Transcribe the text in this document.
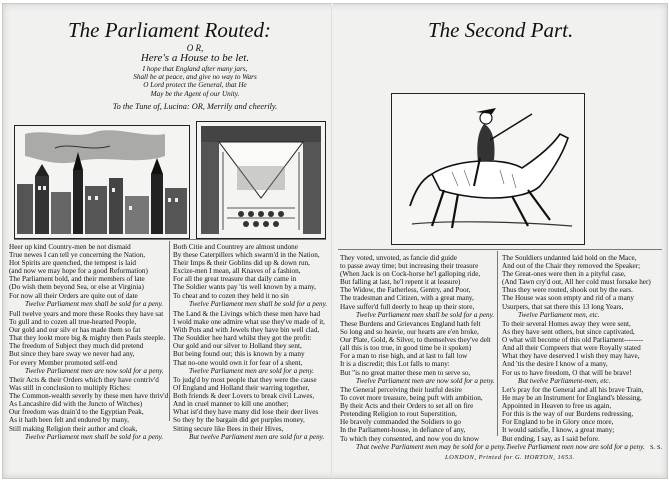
The Parliament Routed:
O R,
Here's a House to be let.
I hope that England after many jars,
Shall be at peace, and give no way to Wars
O Lord protect the General, that He
May be the Agent of our Unity.
To the Tune of, Lucina: OR, Merrily and cheerily.
Heer up kind Country-men be not dismaid
True newes I can tell ye concerning the Nation,
Hot Spirits are quenched, the tempest is laid
(and now we may hope for a good Reformation)
The Parliament bold, and their members of late
(Do wish them beyond Sea, or else at Virginia)
For now all their Orders are quite out of date
Twelve Parliament men shall be sold for a peny.
Full twelve years and more these Rooks they have sat
To gull and to cozen all true-hearted People,
Our gold and our silv er has made them so fat
That they lookt more big & mighty then Pauls steeple.
The freedom of Subject they much did pretend
But since they bare sway we never had any,
For every Member promoted self-end
Twelve Parliament men are now sold for a peny.
Their Acts & their Orders which they have contriv'd
Was still in conclusion to multiply Riches:
The Common-wealth severly by these men have thriv'd
As Lancashire did with the Juncto of Witches)
Our freedom was drain'd to the Egyptian Peak,
As it hath been felt and endured by many,
Still making Religion their author and cloak,
Twelve Parliament men shall be sold for a peny.
Both Citie and Countrey are almost undone
By these Caterpillers which swarm'd in the Nation,
Their Imps & their Goblins did up & down run,
Excize-men I mean, all Knaves of a fashion,
For all the great treasure that daily came in
The Soldier wants pay 'tis well known by a many,
To cheat and to cozen they held it no sin
Twelve Parliament men shall be sold for a peny.
The Land & the Livings which these men have had
I wold make one admire what use they've made of it,
With Pots and with Jewels they have bin well clad,
The Souldier hee hard whilst they got the profit:
Our gold and our silver to Holland they sent,
But being found out; this is known by a many
That no-one would own it for fear of a shent,
Twelve Parliament men are sold for a peny.
To judg'd by most people that they were the cause
Of England and Holland their warring together,
Both friends & deer Lovers to break civil Lawes,
And in cruel manner to kill one another;
What ist'd they have many did lose their deer lives
So they by the bargain did get purples money,
Sitting secure like Bees in their Hives,
But twelve Parliament men are sold for a peny.
The Second Part.
They voted, unvoted, as fancie did guide
to passe away time; but increasing their treasure
(When Jack is on Cock-horse he'l galloping ride,
But falling at last, he'l repent it at leasure)
The Widow, the Fatherless, Gentry, and Poor,
The tradesman and Citizen, with a great many,
Have suffer'd full deerly to heap up their store,
Twelve Parliament men shall be sold for a peny.
These Burdens and Grievances England hath felt
So long and so heavie, our hearts are e'en broke,
Our Plate, Gold, & Silver, to themselves they've delt
(all this is too true, in good time be it spoken)
For a man to rise high, and at last to fall low
It is a discredit; this Lot falls to many:
But "is no great matter these men to serve so,
Twelve Parliament men are now sold for a peny.
The General perceiving their lustful desire
To covet more treasure, being puft with ambition,
By their Acts and their Orders to set all on fire
Pretending Religion to rout Superstition,
He bravely commanded the Soldiers to go
In the Parliament-house, in defiance of any,
To which they consented, and now you do know
That twelve Parliament men may be sold for a peny.
The Souldiers undanted laid hold on the Mace,
And out of the Chair they removed the Speaker;
The Great-ones were then in a pityful case,
(And Tawn cry'd out, All her cold must forsake her)
Thus they were routed, shook out by the ears.
The House was soon empty and rid of a many
Usurpers, that sat there this 13 long Years,
Twelve Parliament men, etc.
To their several Homes away they were sent,
As they have sent others, but since captivated,
O what will become of this old Parliament--------
And all their Compeers that were Royally stated
What they have deserved I wish they may have,
And 'tis the desire I know of a many,
For us to have freedom, O that will be brave!
But twelve Parliament-men, etc.
Let's pray for the General and all his brave Train,
He may be an Instrument for England's blessing,
Appointed in Heaven to free us again,
For this is the way of our Burdens redressing,
For England to be in Glory once more,
It would satisfie, I know, a great many;
But ending, I say, as I said before.
Twelve Parliament men now are sold for a peny. S. S.
LONDON, Printed for G. HORTON, 1653.
